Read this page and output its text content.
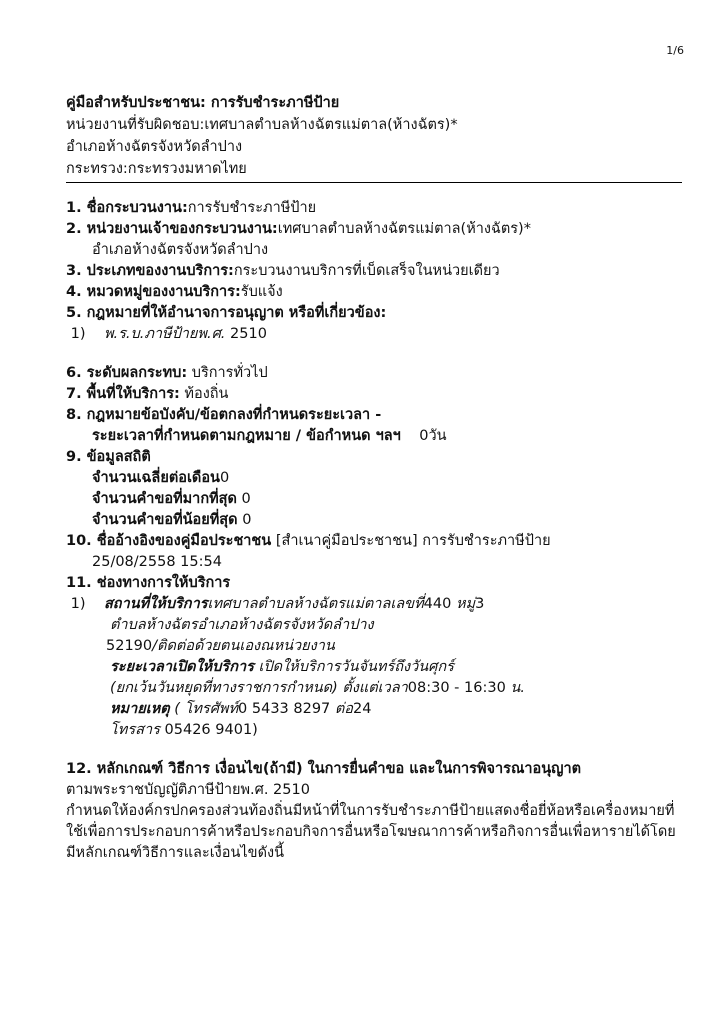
1/6
คู่มือสำหรับประชาชน: การรับชำระภาษีป้าย
หน่วยงานที่รับผิดชอบ:เทศบาลตำบลห้างฉัตรแม่ตาล(ห้างฉัตร)*
อำเภอห้างฉัตรจังหวัดลำปาง
กระทรวง:กระทรวงมหาดไทย
1. ชื่อกระบวนงาน:การรับชำระภาษีป้าย
2. หน่วยงานเจ้าของกระบวนงาน:เทศบาลตำบลห้างฉัตรแม่ตาล(ห้างฉัตร)*
อำเภอห้างฉัตรจังหวัดลำปาง
3. ประเภทของงานบริการ:กระบวนงานบริการที่เบ็ดเสร็จในหน่วยเดียว
4. หมวดหมู่ของงานบริการ:รับแจ้ง
5. กฎหมายที่ให้อำนาจการอนุญาต หรือที่เกี่ยวข้อง:
1) พ.ร.บ.ภาษีป้ายพ.ศ. 2510
6. ระดับผลกระทบ: บริการทั่วไป
7. พื้นที่ให้บริการ: ท้องถิ่น
8. กฎหมายข้อบังคับ/ข้อตกลงที่กำหนดระยะเวลา -
ระยะเวลาที่กำหนดตามกฎหมาย / ข้อกำหนด ฯลฯ 0วัน
9. ข้อมูลสถิติ
จำนวนเฉลี่ยต่อเดือน0
จำนวนคำขอที่มากที่สุด 0
จำนวนคำขอที่น้อยที่สุด 0
10. ชื่ออ้างอิงของคู่มือประชาชน [สำเนาคู่มือประชาชน] การรับชำระภาษีป้าย
25/08/2558 15:54
11. ช่องทางการให้บริการ
1) สถานที่ให้บริการเทศบาลตำบลห้างฉัตรแม่ตาลเลขที่440 หมู่3
ตำบลห้างฉัตรอำเภอห้างฉัตรจังหวัดลำปาง
52190/ติดต่อด้วยตนเองณหน่วยงาน
ระยะเวลาเปิดให้บริการ เปิดให้บริการวันจันทร์ถึงวันศุกร์
(ยกเว้นวันหยุดที่ทางราชการกำหนด) ตั้งแต่เวลา08:30 - 16:30 น.
หมายเหตุ ( โทรศัพท์0 5433 8297 ต่อ24
โทรสาร 05426 9401)
12. หลักเกณฑ์ วิธีการ เงื่อนไข(ถ้ามี) ในการยื่นคำขอ และในการพิจารณาอนุญาต
ตามพระราชบัญญัติภาษีป้ายพ.ศ. 2510
กำหนดให้องค์กรปกครองส่วนท้องถิ่นมีหน้าที่ในการรับชำระภาษีป้ายแสดงชื่อยี่ห้อหรือเครื่องหมายที่ใช้เพื่อการประกอบการค้าหรือประกอบกิจการอื่นหรือโฆษณาการค้าหรือกิจการอื่นเพื่อหารายได้โดยมีหลักเกณฑ์วิธีการและเงื่อนไขดังนี้
